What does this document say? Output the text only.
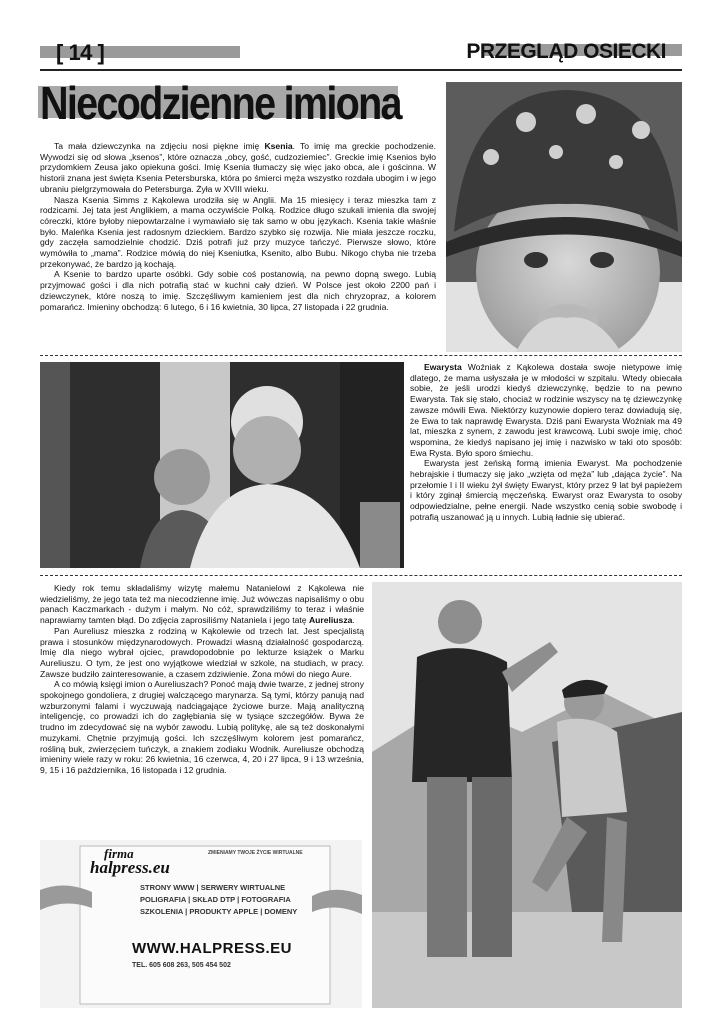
[ 14 ]	PRZEGLĄD OSIECKI
Niecodzienne imiona

Ta mała dziewczynka na zdjęciu nosi piękne imię Ksenia. To imię ma greckie pochodzenie. Wywodzi się od słowa „ksenos”, które oznacza „obcy, gość, cudzoziemiec”. Greckie imię Ksenios było przydomkiem Zeusa jako opiekuna gości. Imię Ksenia tłumaczy się więc jako obca, ale i gościnna. W historii znana jest święta Ksenia Petersburska, która po śmierci męża wszystko rozdała ubogim i w jego ubraniu pielgrzymowała do Petersburga. Żyła w XVIII wieku.

Nasza Ksenia Simms z Kąkolewa urodziła się w Anglii. Ma 15 miesięcy i teraz mieszka tam z rodzicami. Jej tata jest Anglikiem, a mama oczywiście Polką. Rodzice długo szukali imienia dla swojej córeczki, które byłoby niepowtarzalne i wymawiało się tak samo w obu językach. Ksenia takie właśnie było. Maleńka Ksenia jest radosnym dzieckiem. Bardzo szybko się rozwija. Nie miała jeszcze roczku, gdy zaczęła samodzielnie chodzić. Dziś potrafi już przy muzyce tańczyć. Pierwsze słowo, które wymówiła to „mama”. Rodzice mówią do niej Kseniutka, Ksenito, albo Bubu. Nikogo chyba nie trzeba przekonywać, że bardzo ją kochają.

A Ksenie to bardzo uparte osóbki. Gdy sobie coś postanowią, na pewno dopną swego. Lubią przyjmować gości i dla nich potrafią stać w kuchni cały dzień. W Polsce jest około 2200 pań i dziewczynek, które noszą to imię. Szczęśliwym kamieniem jest dla nich chryzopraz, a kolorem pomarańcz. Imieniny obchodzą: 6 lutego, 6 i 16 kwietnia, 30 lipca, 27 listopada i 22 grudnia.

Ewarysta Woźniak z Kąkolewa dostała swoje nietypowe imię dlatego, że mama usłyszała je w młodości w szpitalu. Wtedy obiecała sobie, że jeśli urodzi kiedyś dziewczynkę, będzie to na pewno Ewarysta. Tak się stało, chociaż w rodzinie wszyscy na tę dziewczynkę zawsze mówili Ewa. Niektórzy kuzynowie dopiero teraz dowiadują się, że Ewa to tak naprawdę Ewarysta. Dziś pani Ewarysta Woźniak ma 49 lat, mieszka z synem, z zawodu jest krawcową. Lubi swoje imię, choć wspomina, że kiedyś napisano jej imię i nazwisko w taki oto sposób: Ewa Rysta. Było sporo śmiechu.

Ewarysta jest żeńską formą imienia Ewaryst. Ma pochodzenie hebrajskie i tłumaczy się jako „wzięta od męża” lub „dająca życie”. Na przełomie I i II wieku żył święty Ewaryst, który przez 9 lat był papieżem i który zginął śmiercią męczeńską. Ewaryst oraz Ewarysta to osoby odpowiedzialne, pełne energii. Nade wszystko cenią sobie swobodę i potrafią uszanować ją u innych. Lubią ładnie się ubierać.

Kiedy rok temu składaliśmy wizytę małemu Natanielowi z Kąkolewa nie wiedzieliśmy, że jego tata też ma niecodzienne imię. Już wówczas napisaliśmy o obu panach Kaczmarkach - dużym i małym. No cóż, sprawdziliśmy to teraz i właśnie naprawiamy tamten błąd. Do zdjęcia zaprosiliśmy Nataniela i jego tatę Aureliusza.

Pan Aureliusz mieszka z rodziną w Kąkolewie od trzech lat. Jest specjalistą prawa i stosunków międzynarodowych. Prowadzi własną działalność gospodarczą. Imię dla niego wybrał ojciec, prawdopodobnie po lekturze książek o Marku Aureliuszu. O tym, że jest ono wyjątkowe wiedział w szkole, na studiach, w pracy. Zawsze budziło zainteresowanie, a czasem zdziwienie. Żona mówi do niego Aure.

A co mówią księgi imion o Aureliuszach? Ponoć mają dwie twarze, z jednej strony spokojnego gondoliera, z drugiej walczącego marynarza. Są tymi, którzy panują nad wzburzonymi falami i wyczuwają nadciągające życiowe burze. Mają analityczną inteligencję, co prowadzi ich do zagłębiania się w tysiące szczegółów. Bywa że trudno im zdecydować się na wybór zawodu. Lubią politykę, ale są też doskonałymi muzykami. Chętnie przyjmują gości. Ich szczęśliwym kolorem jest pomarańcz, rośliną buk, zwierzęciem tuńczyk, a znakiem zodiaku Wodnik. Aureliusze obchodzą imieniny wiele razy w roku: 26 kwietnia, 16 czerwca, 4, 20 i 27 lipca, 9 i 13 września, 9, 15 i 16 października, 16 listopada i 12 grudnia.

firma
halpress.eu
ZMIENIAMY TWOJE ŻYCIE WIRTUALNE
STRONY WWW | SERWERY WIRTUALNE
POLIGRAFIA | SKŁAD DTP | FOTOGRAFIA
SZKOLENIA | PRODUKTY APPLE | DOMENY
WWW.HALPRESS.EU
TEL. 605 608 263, 505 454 502
